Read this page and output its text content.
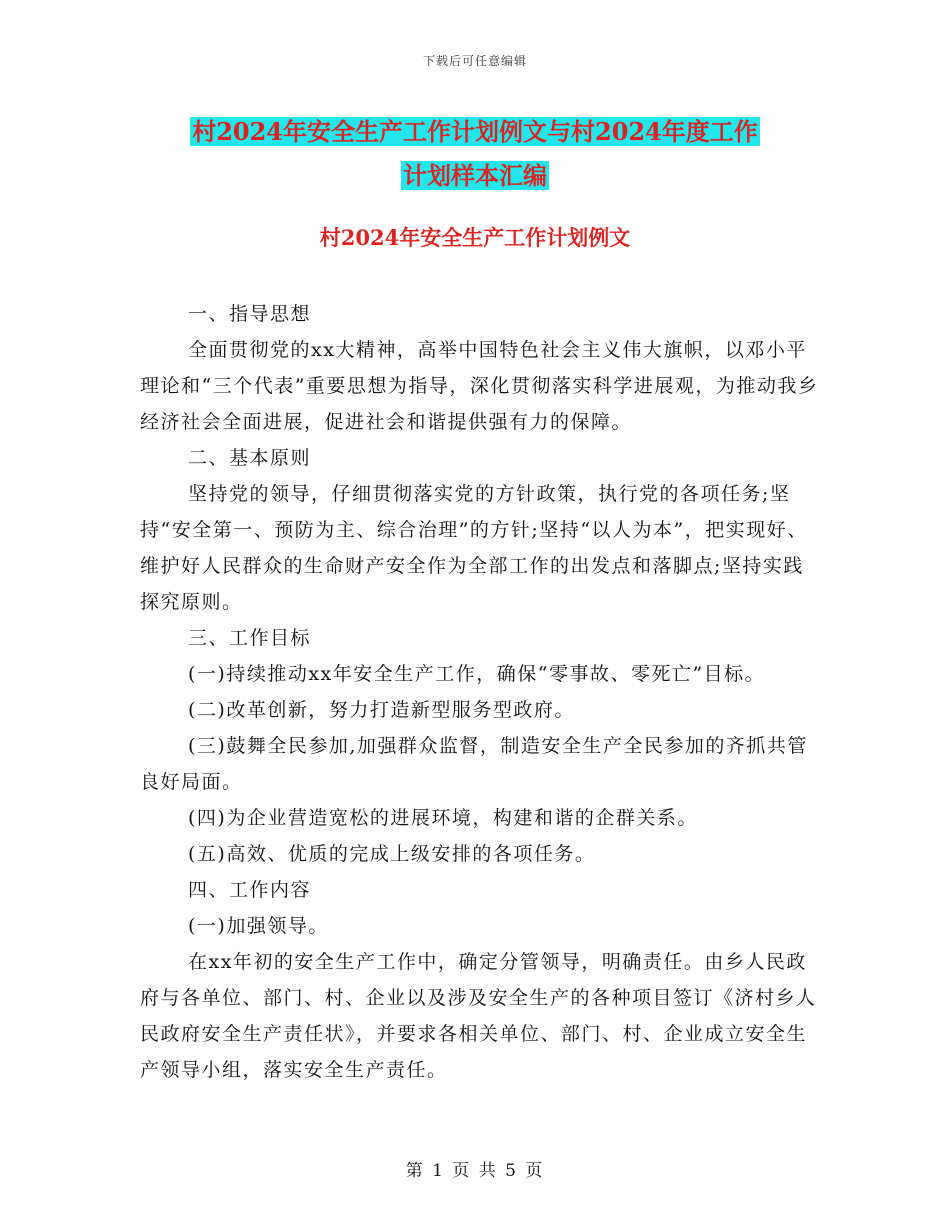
下载后可任意编辑
村2024年安全生产工作计划例文与村2024年度工作
计划样本汇编
村2024年安全生产工作计划例文

一、指导思想

全面贯彻党的xx大精神，高举中国特色社会主义伟大旗帜，以邓小平理论和“三个代表”重要思想为指导，深化贯彻落实科学进展观，为推动我乡经济社会全面进展，促进社会和谐提供强有力的保障。

二、基本原则

坚持党的领导，仔细贯彻落实党的方针政策，执行党的各项任务;坚持“安全第一、预防为主、综合治理”的方针;坚持“以人为本”，把实现好、维护好人民群众的生命财产安全作为全部工作的出发点和落脚点;坚持实践探究原则。

三、工作目标

(一)持续推动xx年安全生产工作，确保“零事故、零死亡”目标。

(二)改革创新，努力打造新型服务型政府。

(三)鼓舞全民参加,加强群众监督，制造安全生产全民参加的齐抓共管良好局面。

(四)为企业营造宽松的进展环境，构建和谐的企群关系。

(五)高效、优质的完成上级安排的各项任务。

四、工作内容

(一)加强领导。

在xx年初的安全生产工作中，确定分管领导，明确责任。由乡人民政府与各单位、部门、村、企业以及涉及安全生产的各种项目签订《济村乡人民政府安全生产责任状》，并要求各相关单位、部门、村、企业成立安全生产领导小组，落实安全生产责任。

第 1 页 共 5 页
